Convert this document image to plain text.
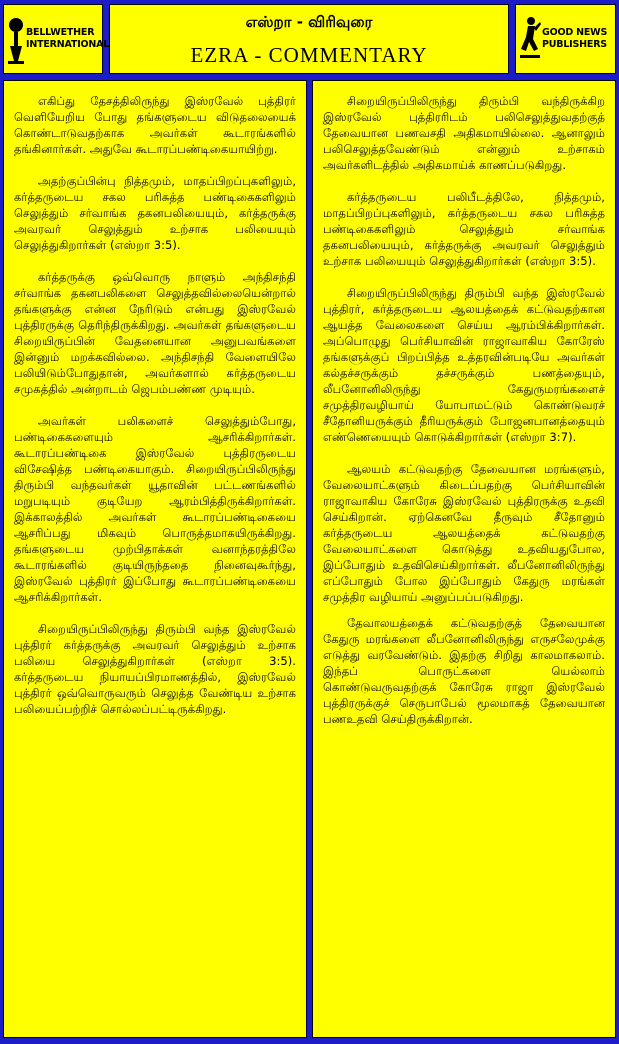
BELLWETHER
INTERNATIONAL
எஸ்றா - விரிவுரை
EZRA - COMMENTARY
GOOD NEWS
PUBLISHERS

எகிப்து தேசத்திலிருந்து இஸ்ரவேல் புத்திரர் வெளியேறிய போது தங்களுடைய விடுதலையைக் கொண்டாடுவதற்காக அவர்கள் கூடாரங்களில் தங்கினார்கள். அதுவே கூடாரப்பண்டிகையாயிற்று.

அதற்குப்பின்பு நித்தமும், மாதப்பிறப்புகளிலும், கர்த்தருடைய சகல பரிசுத்த பண்டிகைகளிலும் செலுத்தும் சர்வாங்க தகனபலியையும், கர்த்தருக்கு அவரவர் செலுத்தும் உற்சாக பலியையும் செலுத்துகிறார்கள் (எஸ்றா 3:5).

கர்த்தருக்கு ஒவ்வொரு நாளும் அந்திசந்தி சர்வாங்க தகனபலிகளை செலுத்தவில்லையென்றால் தங்களுக்கு என்ன நேரிடும் என்பது இஸ்ரவேல் புத்திரருக்கு தெரிந்திருக்கிறது. அவர்கள் தங்களுடைய சிறையிருப்பின் வேதனையான அனுபவங்களை இன்னும் மறக்கவில்லை. அந்திசந்தி வேளையிலே பலியிடும்போதுதான், அவர்களால் கர்த்தருடைய சமுகத்தில் அன்றாடம் ஜெபம்பண்ண முடியும்.

அவர்கள் பலிகளைச் செலுத்தும்போது, பண்டிகைகளையும் ஆசரிக்கிறார்கள். கூடாரப்பண்டிகை இஸ்ரவேல் புத்திரருடைய விசேஷித்த பண்டிகையாகும். சிறையிருப்பிலிருந்து திரும்பி வந்தவர்கள் யூதாவின் பட்டணங்களில் மறுபடியும் குடியேற ஆரம்பித்திருக்கிறார்கள். இக்காலத்தில் அவர்கள் கூடாரப்பண்டிகையை ஆசரிப்பது மிகவும் பொருத்தமாகயிருக்கிறது. தங்களுடைய முற்பிதாக்கள் வனாந்தரத்திலே கூடாரங்களில் குடியிருந்ததை நினைவுகூர்ந்து, இஸ்ரவேல் புத்திரர் இப்போது கூடாரப்பண்டிகையை ஆசரிக்கிறார்கள்.

சிறையிருப்பிலிருந்து திரும்பி வந்த இஸ்ரவேல் புத்திரர் கர்த்தருக்கு அவரவர் செலுத்தும் உற்சாக பலியை செலுத்துகிறார்கள் (எஸ்றா 3:5). கர்த்தருடைய நியாயப்பிரமாணத்தில், இஸ்ரவேல் புத்திரர் ஒவ்வொருவரும் செலுத்த வேண்டிய உற்சாக பலியைப்பற்றிச் சொல்லப்பட்டிருக்கிறது.

சிறையிருப்பிலிருந்து திரும்பி வந்திருக்கிற இஸ்ரவேல் புத்திரரிடம் பலிசெலுத்துவதற்குத் தேவையான பணவசதி அதிகமாயில்லை. ஆனாலும் பலிசெலுத்தவேண்டும் என்னும் உற்சாகம் அவர்களிடத்தில் அதிகமாய்க் காணப்படுகிறது.

கர்த்தருடைய பலிபீடத்திலே, நித்தமும், மாதப்பிறப்புகளிலும், கர்த்தருடைய சகல பரிசுத்த பண்டிகைகளிலும் செலுத்தும் சர்வாங்க தகனபலியையும், கர்த்தருக்கு அவரவர் செலுத்தும் உற்சாக பலியையும் செலுத்துகிறார்கள் (எஸ்றா 3:5).

சிறையிருப்பிலிருந்து திரும்பி வந்த இஸ்ரவேல் புத்திரர், கர்த்தருடைய ஆலயத்தைக் கட்டுவதற்கான ஆயத்த வேலைகளை செய்ய ஆரம்பிக்கிறார்கள். அப்பொழுது பெர்சியாவின் ராஜாவாகிய கோரேஸ் தங்களுக்குப் பிறப்பித்த உத்தரவின்படியே அவர்கள் கல்தச்சருக்கும் தச்சருக்கும் பணத்தையும், லீபனோனிலிருந்து கேதுருமரங்களைச் சமுத்திரவழியாய் யோபாமட்டும் கொண்டுவரச் சீதோனியருக்கும் தீரியருக்கும் போஜனபானத்தையும் எண்ணெயையும் கொடுக்கிறார்கள் (எஸ்றா 3:7).

ஆலயம் கட்டுவதற்கு தேவையான மரங்களும், வேலையாட்களும் கிடைப்பதற்கு பெர்சியாவின் ராஜாவாகிய கோரேசு இஸ்ரவேல் புத்திரருக்கு உதவி செய்கிறான். ஏற்கெனவே தீருவும் சீதோனும் கர்த்தருடைய ஆலயத்தைக் கட்டுவதற்கு வேலையாட்களை கொடுத்து உதவியதுபோல, இப்போதும் உதவிசெய்கிறார்கள். லீபனோனிலிருந்து எப்போதும் போல இப்போதும் கேதுரு மரங்கள் சமுத்திர வழியாய் அனுப்பப்படுகிறது.

தேவாலயத்தைக் கட்டுவதற்குத் தேவையான கேதுரு மரங்களை லீபனோனிலிருந்து எருசலேமுக்கு எடுத்து வரவேண்டும். இதற்கு சிறிது காலமாகலாம். இந்தப் பொருட்களை யெல்லாம் கொண்டுவருவதற்குக் கோரேசு ராஜா இஸ்ரவேல் புத்திரருக்குச் செருபாபேல் மூலமாகத் தேவையான பணஉதவி செய்திருக்கிறான்.
